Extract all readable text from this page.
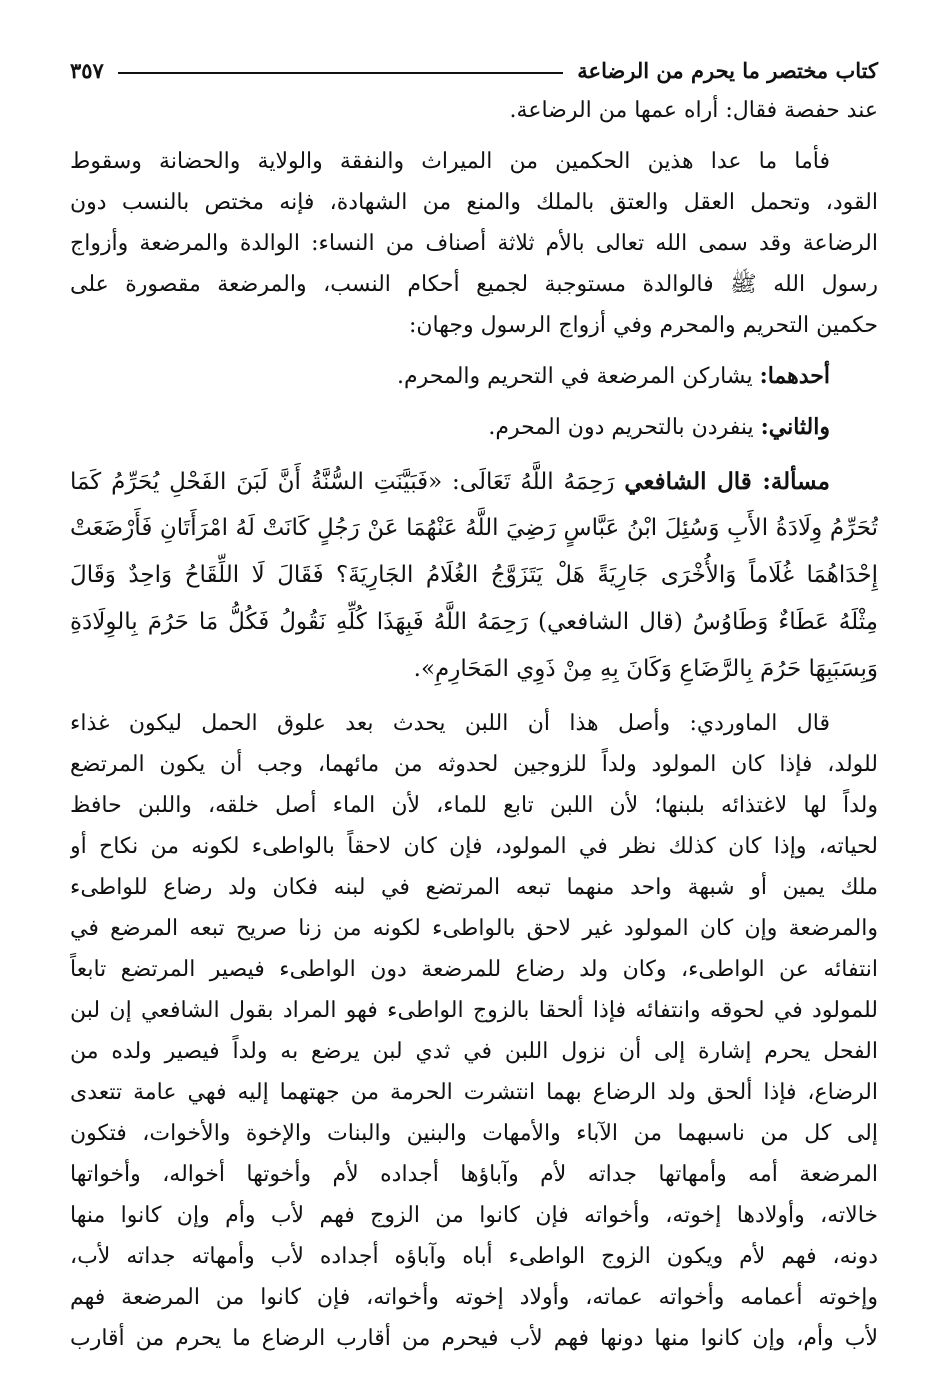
كتاب مختصر ما يحرم من الرضاعة
٣٥٧
عند حفصة فقال: أراه عمها من الرضاعة.
فأما ما عدا هذين الحكمين من الميراث والنفقة والولاية والحضانة وسقوط
القود، وتحمل العقل والعتق بالملك والمنع من الشهادة، فإنه مختص بالنسب دون
الرضاعة وقد سمى الله تعالى بالأم ثلاثة أصناف من النساء: الوالدة والمرضعة وأزواج
رسول الله ﷺ فالوالدة مستوجبة لجميع أحكام النسب، والمرضعة مقصورة على
حكمين التحريم والمحرم وفي أزواج الرسول وجهان:
أحدهما: يشاركن المرضعة في التحريم والمحرم.
والثاني: ينفردن بالتحريم دون المحرم.
مسألة: قال الشافعي رَحِمَهُ اللَّهُ تَعَالَى: «فَبَيَّنَتِ السُّنَّةُ أَنَّ لَبَنَ الفَحْلِ يُحَرِّمُ كَمَا
تُحَرِّمُ وِلَادَةُ الأَبِ وَسُئِلَ ابْنُ عَبَّاسٍ رَضِيَ اللَّهُ عَنْهُمَا عَنْ رَجُلٍ كَانَتْ لَهُ امْرَأَتَانِ فَأَرْضَعَتْ
إِحْدَاهُمَا غُلَاماً وَالأُخْرَى جَارِيَةً هَلْ يَتَزَوَّجُ الغُلَامُ الجَارِيَةَ؟ فَقَالَ لَا اللِّقَاحُ وَاحِدٌ وَقَالَ
مِثْلَهُ عَطَاءٌ وَطَاوُسُ (قال الشافعي) رَحِمَهُ اللَّهُ فَبِهَذَا كُلِّهِ نَقُولُ فَكُلُّ مَا حَرُمَ بِالوِلَادَةِ
وَبِسَبَبِهَا حَرُمَ بِالرَّضَاعِ وَكَانَ بِهِ مِنْ ذَوِي المَحَارِمِ».
قال الماوردي: وأصل هذا أن اللبن يحدث بعد علوق الحمل ليكون غذاء
للولد، فإذا كان المولود ولداً للزوجين لحدوثه من مائهما، وجب أن يكون المرتضع
ولداً لها لاغتذائه بلبنها؛ لأن اللبن تابع للماء، لأن الماء أصل خلقه، واللبن حافظ
لحياته، وإذا كان كذلك نظر في المولود، فإن كان لاحقاً بالواطىء لكونه من نكاح أو
ملك يمين أو شبهة واحد منهما تبعه المرتضع في لبنه فكان ولد رضاع للواطىء
والمرضعة وإن كان المولود غير لاحق بالواطىء لكونه من زنا صريح تبعه المرضع في
انتفائه عن الواطىء، وكان ولد رضاع للمرضعة دون الواطىء فيصير المرتضع تابعاً
للمولود في لحوقه وانتفائه فإذا ألحقا بالزوج الواطىء فهو المراد بقول الشافعي إن لبن
الفحل يحرم إشارة إلى أن نزول اللبن في ثدي لبن يرضع به ولداً فيصير ولده من
الرضاع، فإذا ألحق ولد الرضاع بهما انتشرت الحرمة من جهتهما إليه فهي عامة تتعدى
إلى كل من ناسبهما من الآباء والأمهات والبنين والبنات والإخوة والأخوات، فتكون
المرضعة أمه وأمهاتها جداته لأم وآباؤها أجداده لأم وأخوتها أخواله، وأخواتها
خالاته، وأولادها إخوته، وأخواته فإن كانوا من الزوج فهم لأب وأم وإن كانوا منها
دونه، فهم لأم ويكون الزوج الواطىء أباه وآباؤه أجداده لأب وأمهاته جداته لأب،
وإخوته أعمامه وأخواته عماته، وأولاد إخوته وأخواته، فإن كانوا من المرضعة فهم
لأب وأم، وإن كانوا منها دونها فهم لأب فيحرم من أقارب الرضاع ما يحرم من أقارب
